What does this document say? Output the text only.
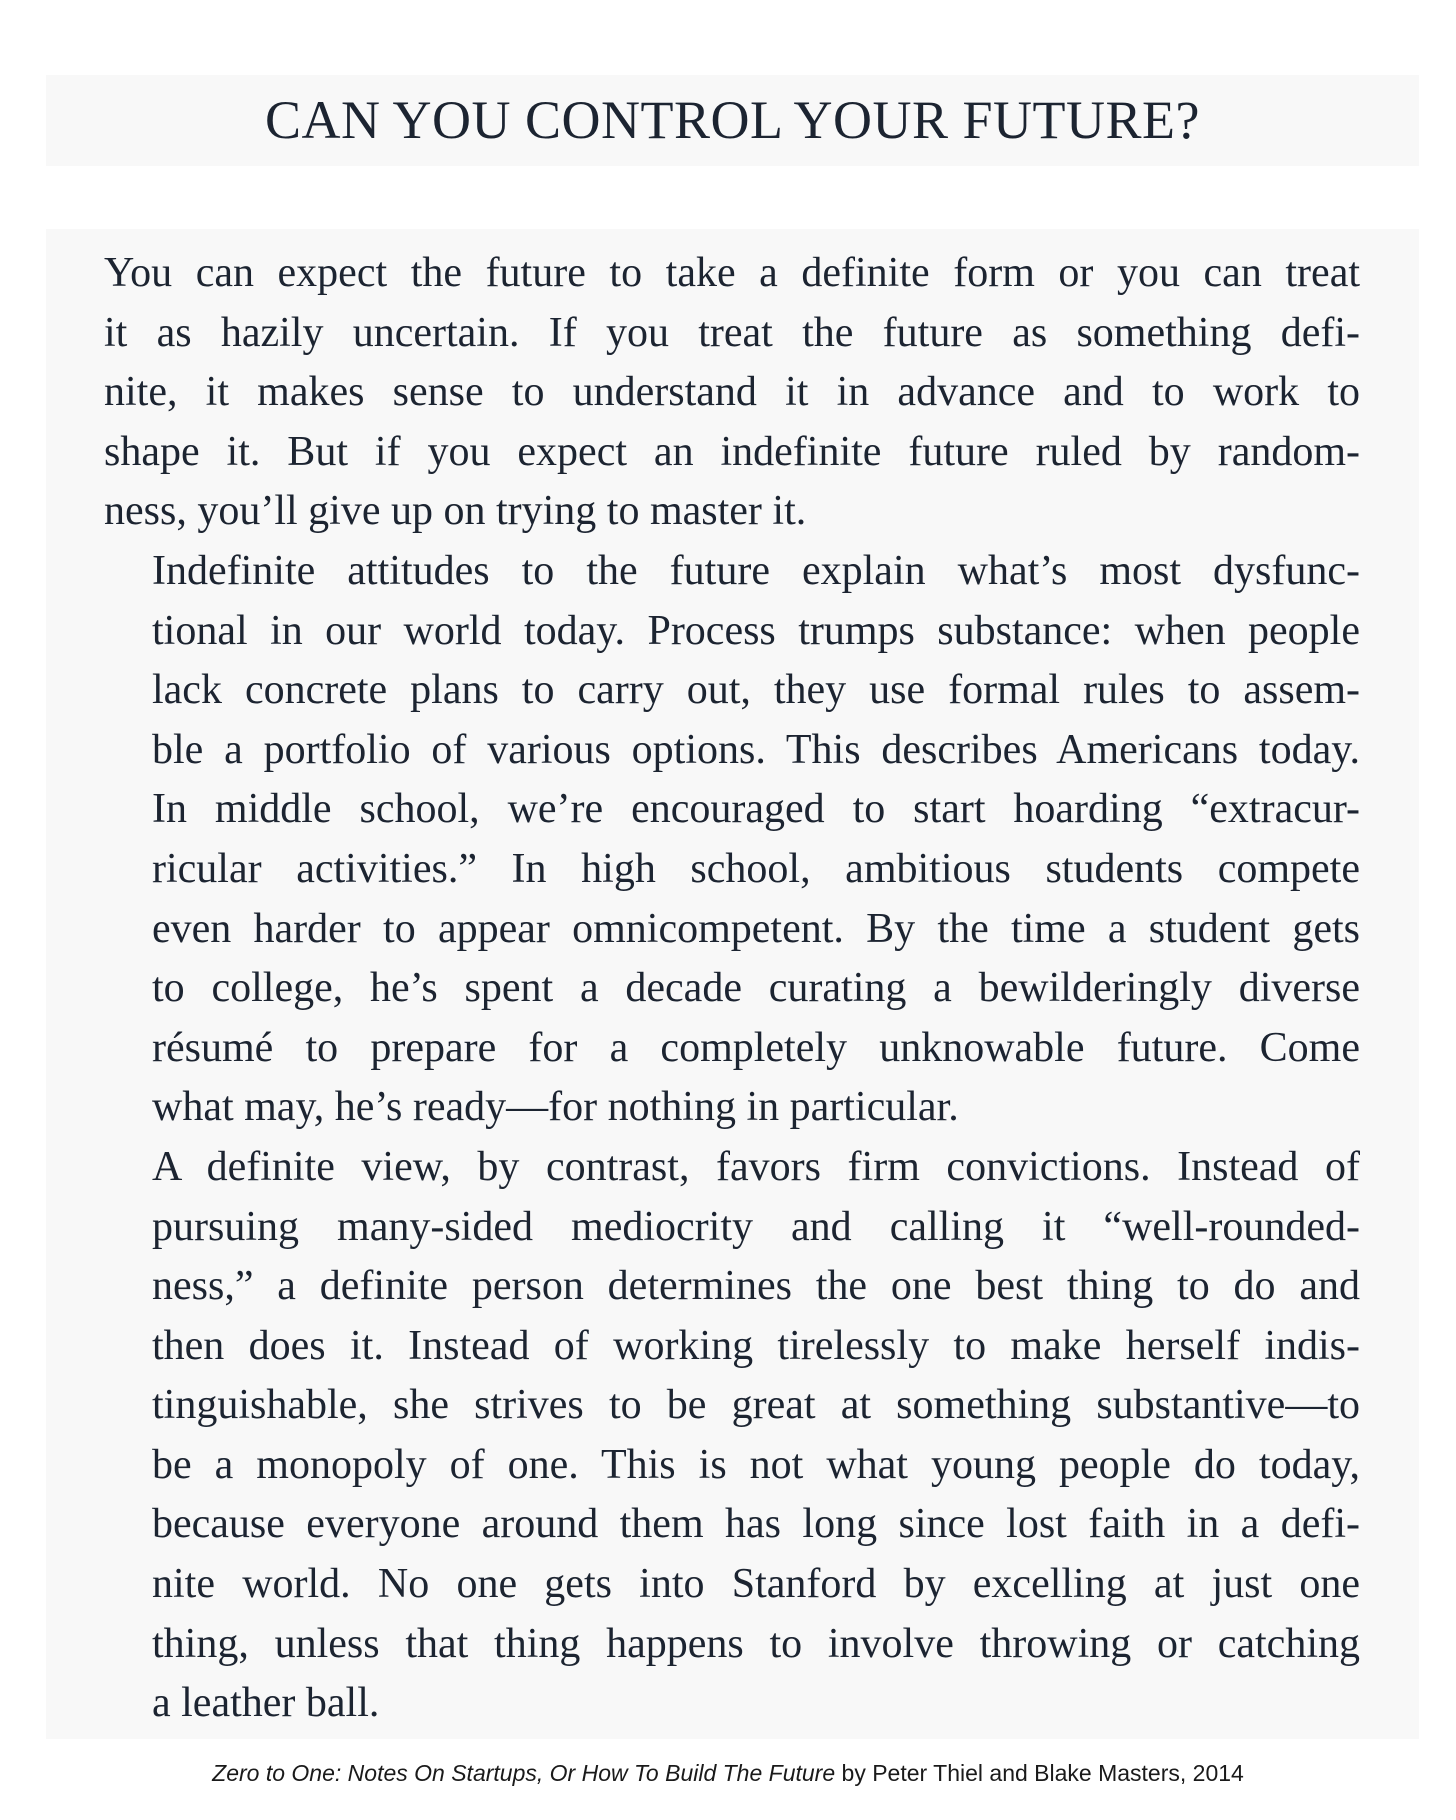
CAN YOU CONTROL YOUR FUTURE?

You can expect the future to take a definite form or you can treat
it as hazily uncertain. If you treat the future as something defi-
nite, it makes sense to understand it in advance and to work to
shape it. But if you expect an indefinite future ruled by random-
ness, you’ll give up on trying to master it.

Indefinite attitudes to the future explain what’s most dysfunc-
tional in our world today. Process trumps substance: when people
lack concrete plans to carry out, they use formal rules to assem-
ble a portfolio of various options. This describes Americans today.
In middle school, we’re encouraged to start hoarding “extracur-
ricular activities.” In high school, ambitious students compete
even harder to appear omnicompetent. By the time a student gets
to college, he’s spent a decade curating a bewilderingly diverse
résumé to prepare for a completely unknowable future. Come
what may, he’s ready—for nothing in particular.

A definite view, by contrast, favors firm convictions. Instead of
pursuing many-sided mediocrity and calling it “well-rounded-
ness,” a definite person determines the one best thing to do and
then does it. Instead of working tirelessly to make herself indis-
tinguishable, she strives to be great at something substantive—to
be a monopoly of one. This is not what young people do today,
because everyone around them has long since lost faith in a defi-
nite world. No one gets into Stanford by excelling at just one
thing, unless that thing happens to involve throwing or catching
a leather ball.

Zero to One: Notes On Startups, Or How To Build The Future by Peter Thiel and Blake Masters, 2014
